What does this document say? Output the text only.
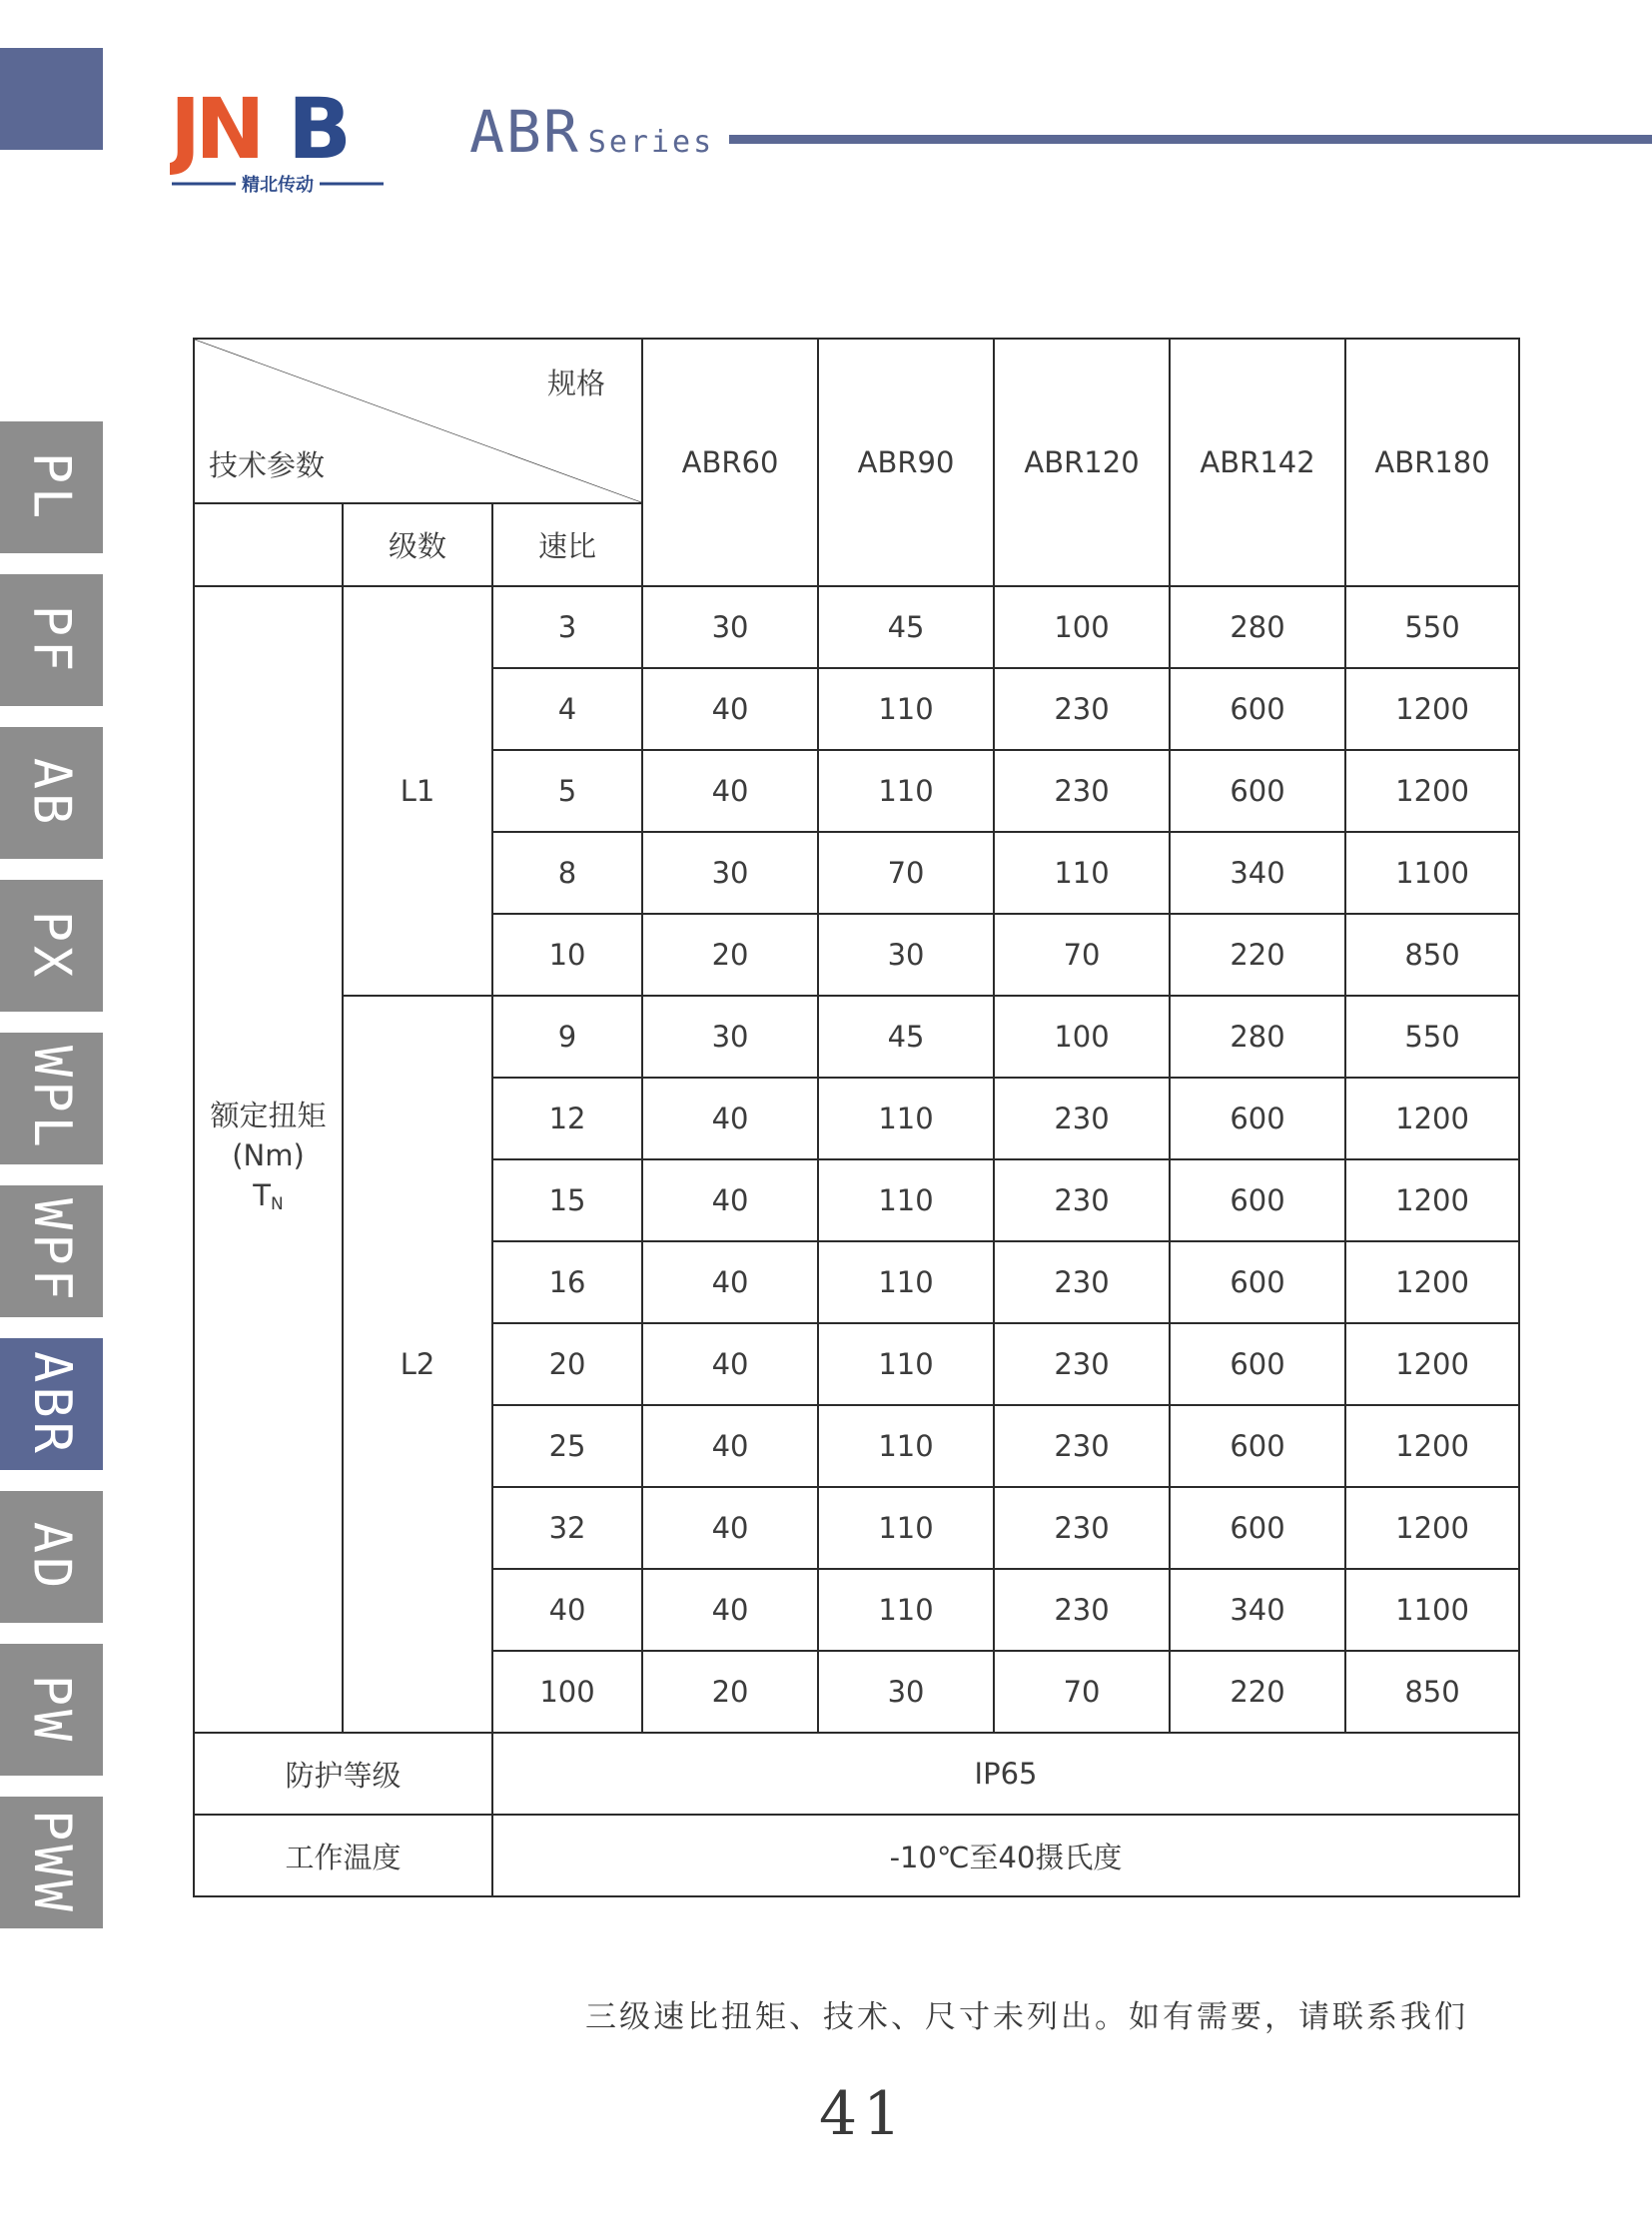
JN B
精北传动
ABR Series
PL
PF
AB
PX
WPL
WPF
ABR
AD
PW
PWW
规格
技术参数			ABR60	ABR90	ABR120	ABR142	ABR180
	级数	速比					

额定扭矩
(Nm)
$T_N$	L1	3	30	45	100	280	550
		4	40	110	230	600	1200
		5	40	110	230	600	1200
		8	30	70	110	340	1100
		10	20	30	70	220	850
	L2	9	30	45	100	280	550
		12	40	110	230	600	1200
		15	40	110	230	600	1200
		16	40	110	230	600	1200
		20	40	110	230	600	1200
		25	40	110	230	600	1200
		32	40	110	230	600	1200
		40	40	110	230	340	1100
		100	20	30	70	220	850
防护等级		IP65					
工作温度		-10℃至40摄氏度					
三级速比扭矩、技术、尺寸未列出。如有需要，请联系我们
41
